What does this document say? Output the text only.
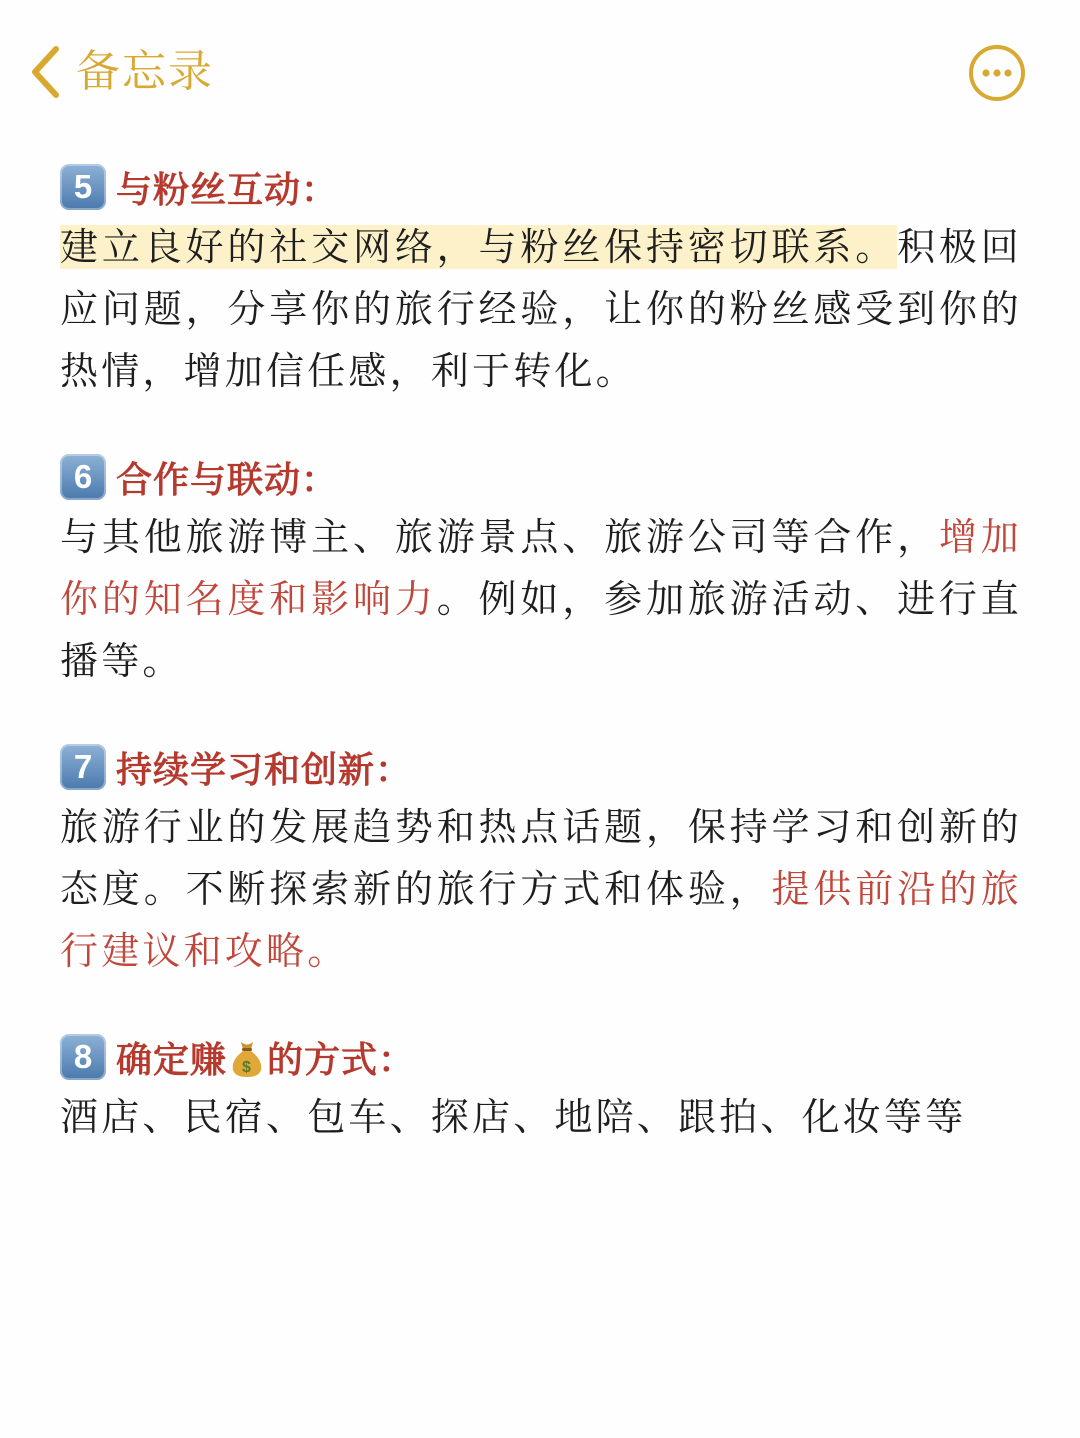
备忘录
5 与粉丝互动：
建立良好的社交网络，与粉丝保持密切联系。积极回应问题，分享你的旅行经验，让你的粉丝感受到你的热情，增加信任感，利于转化。
6 合作与联动：
与其他旅游博主、旅游景点、旅游公司等合作，增加你的知名度和影响力。例如，参加旅游活动、进行直播等。
7 持续学习和创新：
旅游行业的发展趋势和热点话题，保持学习和创新的态度。不断探索新的旅行方式和体验，提供前沿的旅行建议和攻略。
8 确定赚 $ 的方式：
酒店、民宿、包车、探店、地陪、跟拍、化妆等等
